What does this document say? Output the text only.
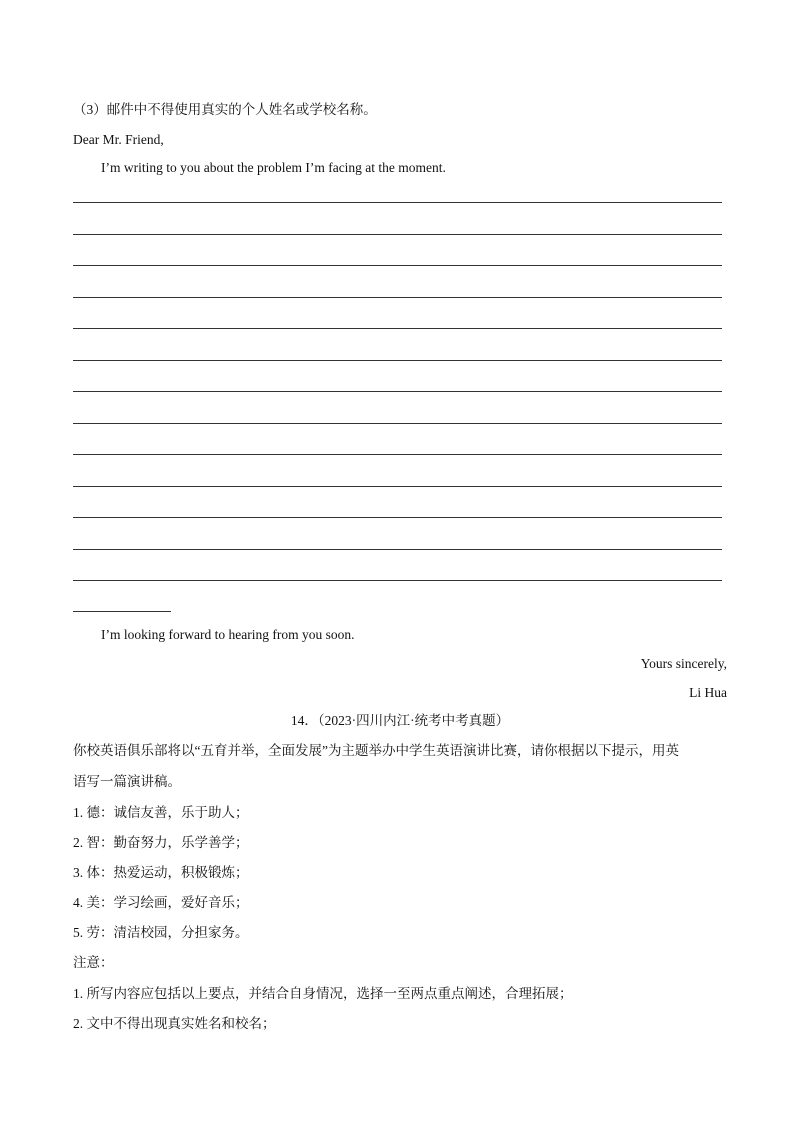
（3）邮件中不得使用真实的个人姓名或学校名称。
Dear Mr. Friend,
I’m writing to you about the problem I’m facing at the moment.
I’m looking forward to hearing from you soon.
Yours sincerely,
Li Hua
14．（2023·四川内江·统考中考真题）
你校英语俱乐部将以“五育并举，全面发展”为主题举办中学生英语演讲比赛，请你根据以下提示，用英
语写一篇演讲稿。
1. 德：诚信友善，乐于助人；
2. 智：勤奋努力，乐学善学；
3. 体：热爱运动，积极锻炼；
4. 美：学习绘画，爱好音乐；
5. 劳：清洁校园，分担家务。
注意：
1. 所写内容应包括以上要点，并结合自身情况，选择一至两点重点阐述，合理拓展；
2. 文中不得出现真实姓名和校名；
